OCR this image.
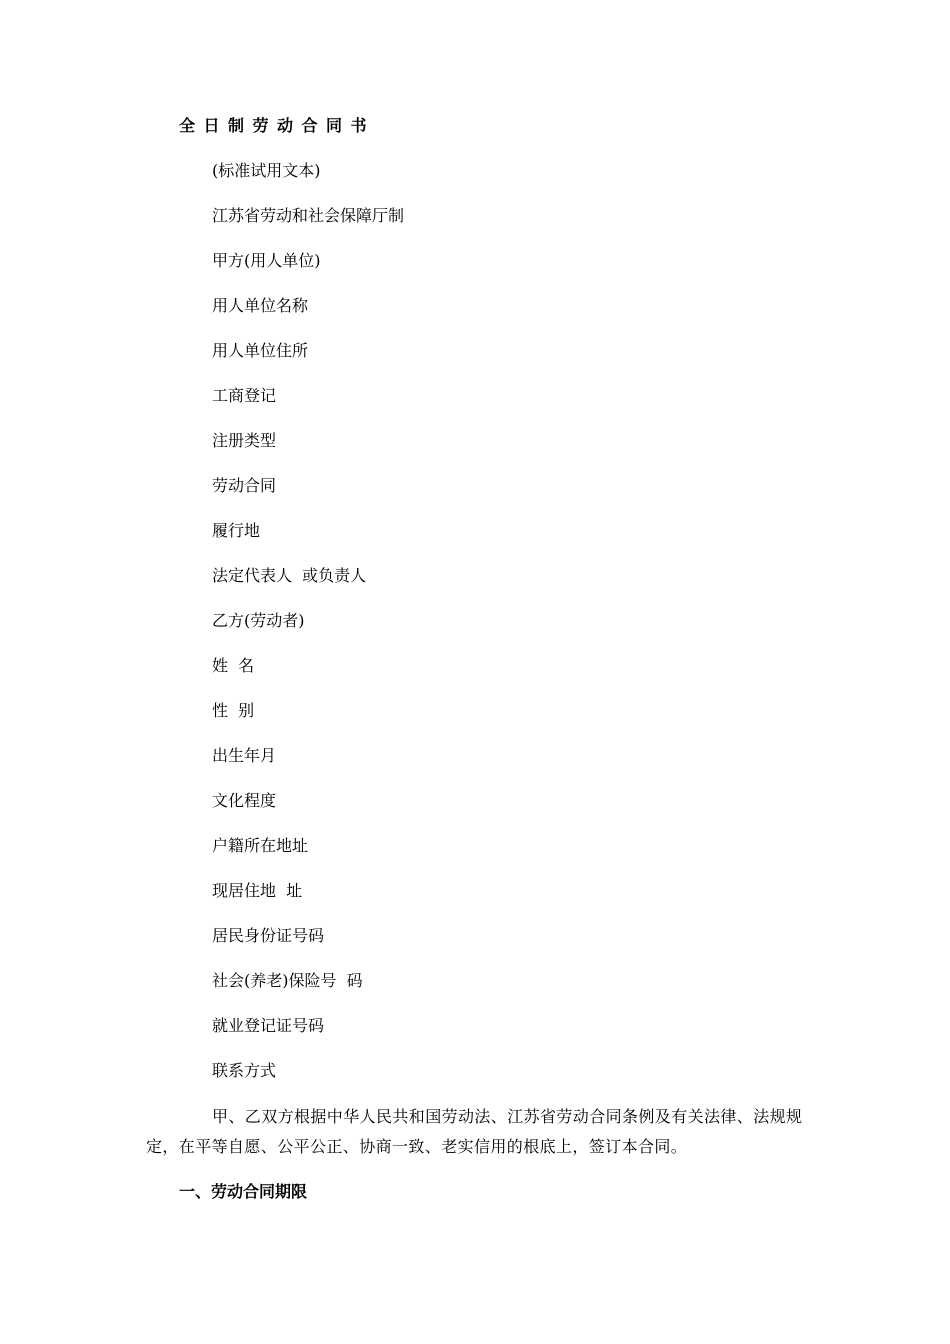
全日制劳动合同书
(标准试用文本)
江苏省劳动和社会保障厅制
甲方(用人单位)
用人单位名称
用人单位住所
工商登记
注册类型
劳动合同
履行地
法定代表人  或负责人
乙方(劳动者)
姓  名
性  别
出生年月
文化程度
户籍所在地址
现居住地  址
居民身份证号码
社会(养老)保险号  码
就业登记证号码
联系方式

甲、乙双方根据中华人民共和国劳动法、江苏省劳动合同条例及有关法律、法规规定，在平等自愿、公平公正、协商一致、老实信用的根底上，签订本合同。

一、劳动合同期限
